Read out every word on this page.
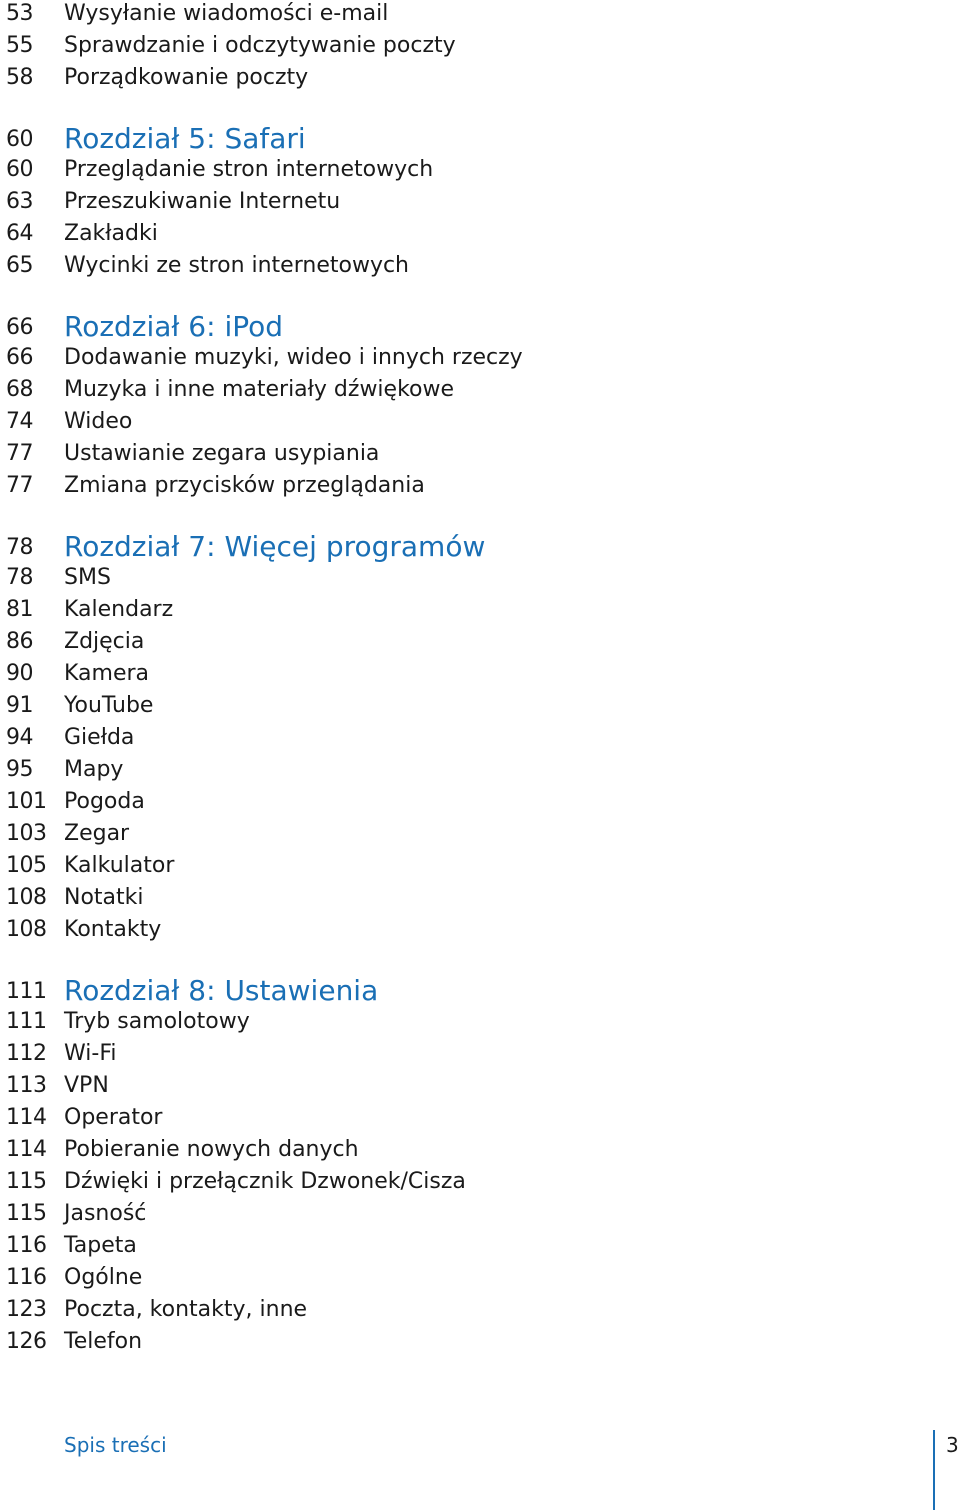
53 Wysyłanie wiadomości e-mail
55 Sprawdzanie i odczytywanie poczty
58 Porządkowanie poczty
60 Rozdział 5: Safari
60 Przeglądanie stron internetowych
63 Przeszukiwanie Internetu
64 Zakładki
65 Wycinki ze stron internetowych
66 Rozdział 6: iPod
66 Dodawanie muzyki, wideo i innych rzeczy
68 Muzyka i inne materiały dźwiękowe
74 Wideo
77 Ustawianie zegara usypiania
77 Zmiana przycisków przeglądania
78 Rozdział 7: Więcej programów
78 SMS
81 Kalendarz
86 Zdjęcia
90 Kamera
91 YouTube
94 Giełda
95 Mapy
101 Pogoda
103 Zegar
105 Kalkulator
108 Notatki
108 Kontakty
111 Rozdział 8: Ustawienia
111 Tryb samolotowy
112 Wi-Fi
113 VPN
114 Operator
114 Pobieranie nowych danych
115 Dźwięki i przełącznik Dzwonek/Cisza
115 Jasność
116 Tapeta
116 Ogólne
123 Poczta, kontakty, inne
126 Telefon
Spis treści	3
